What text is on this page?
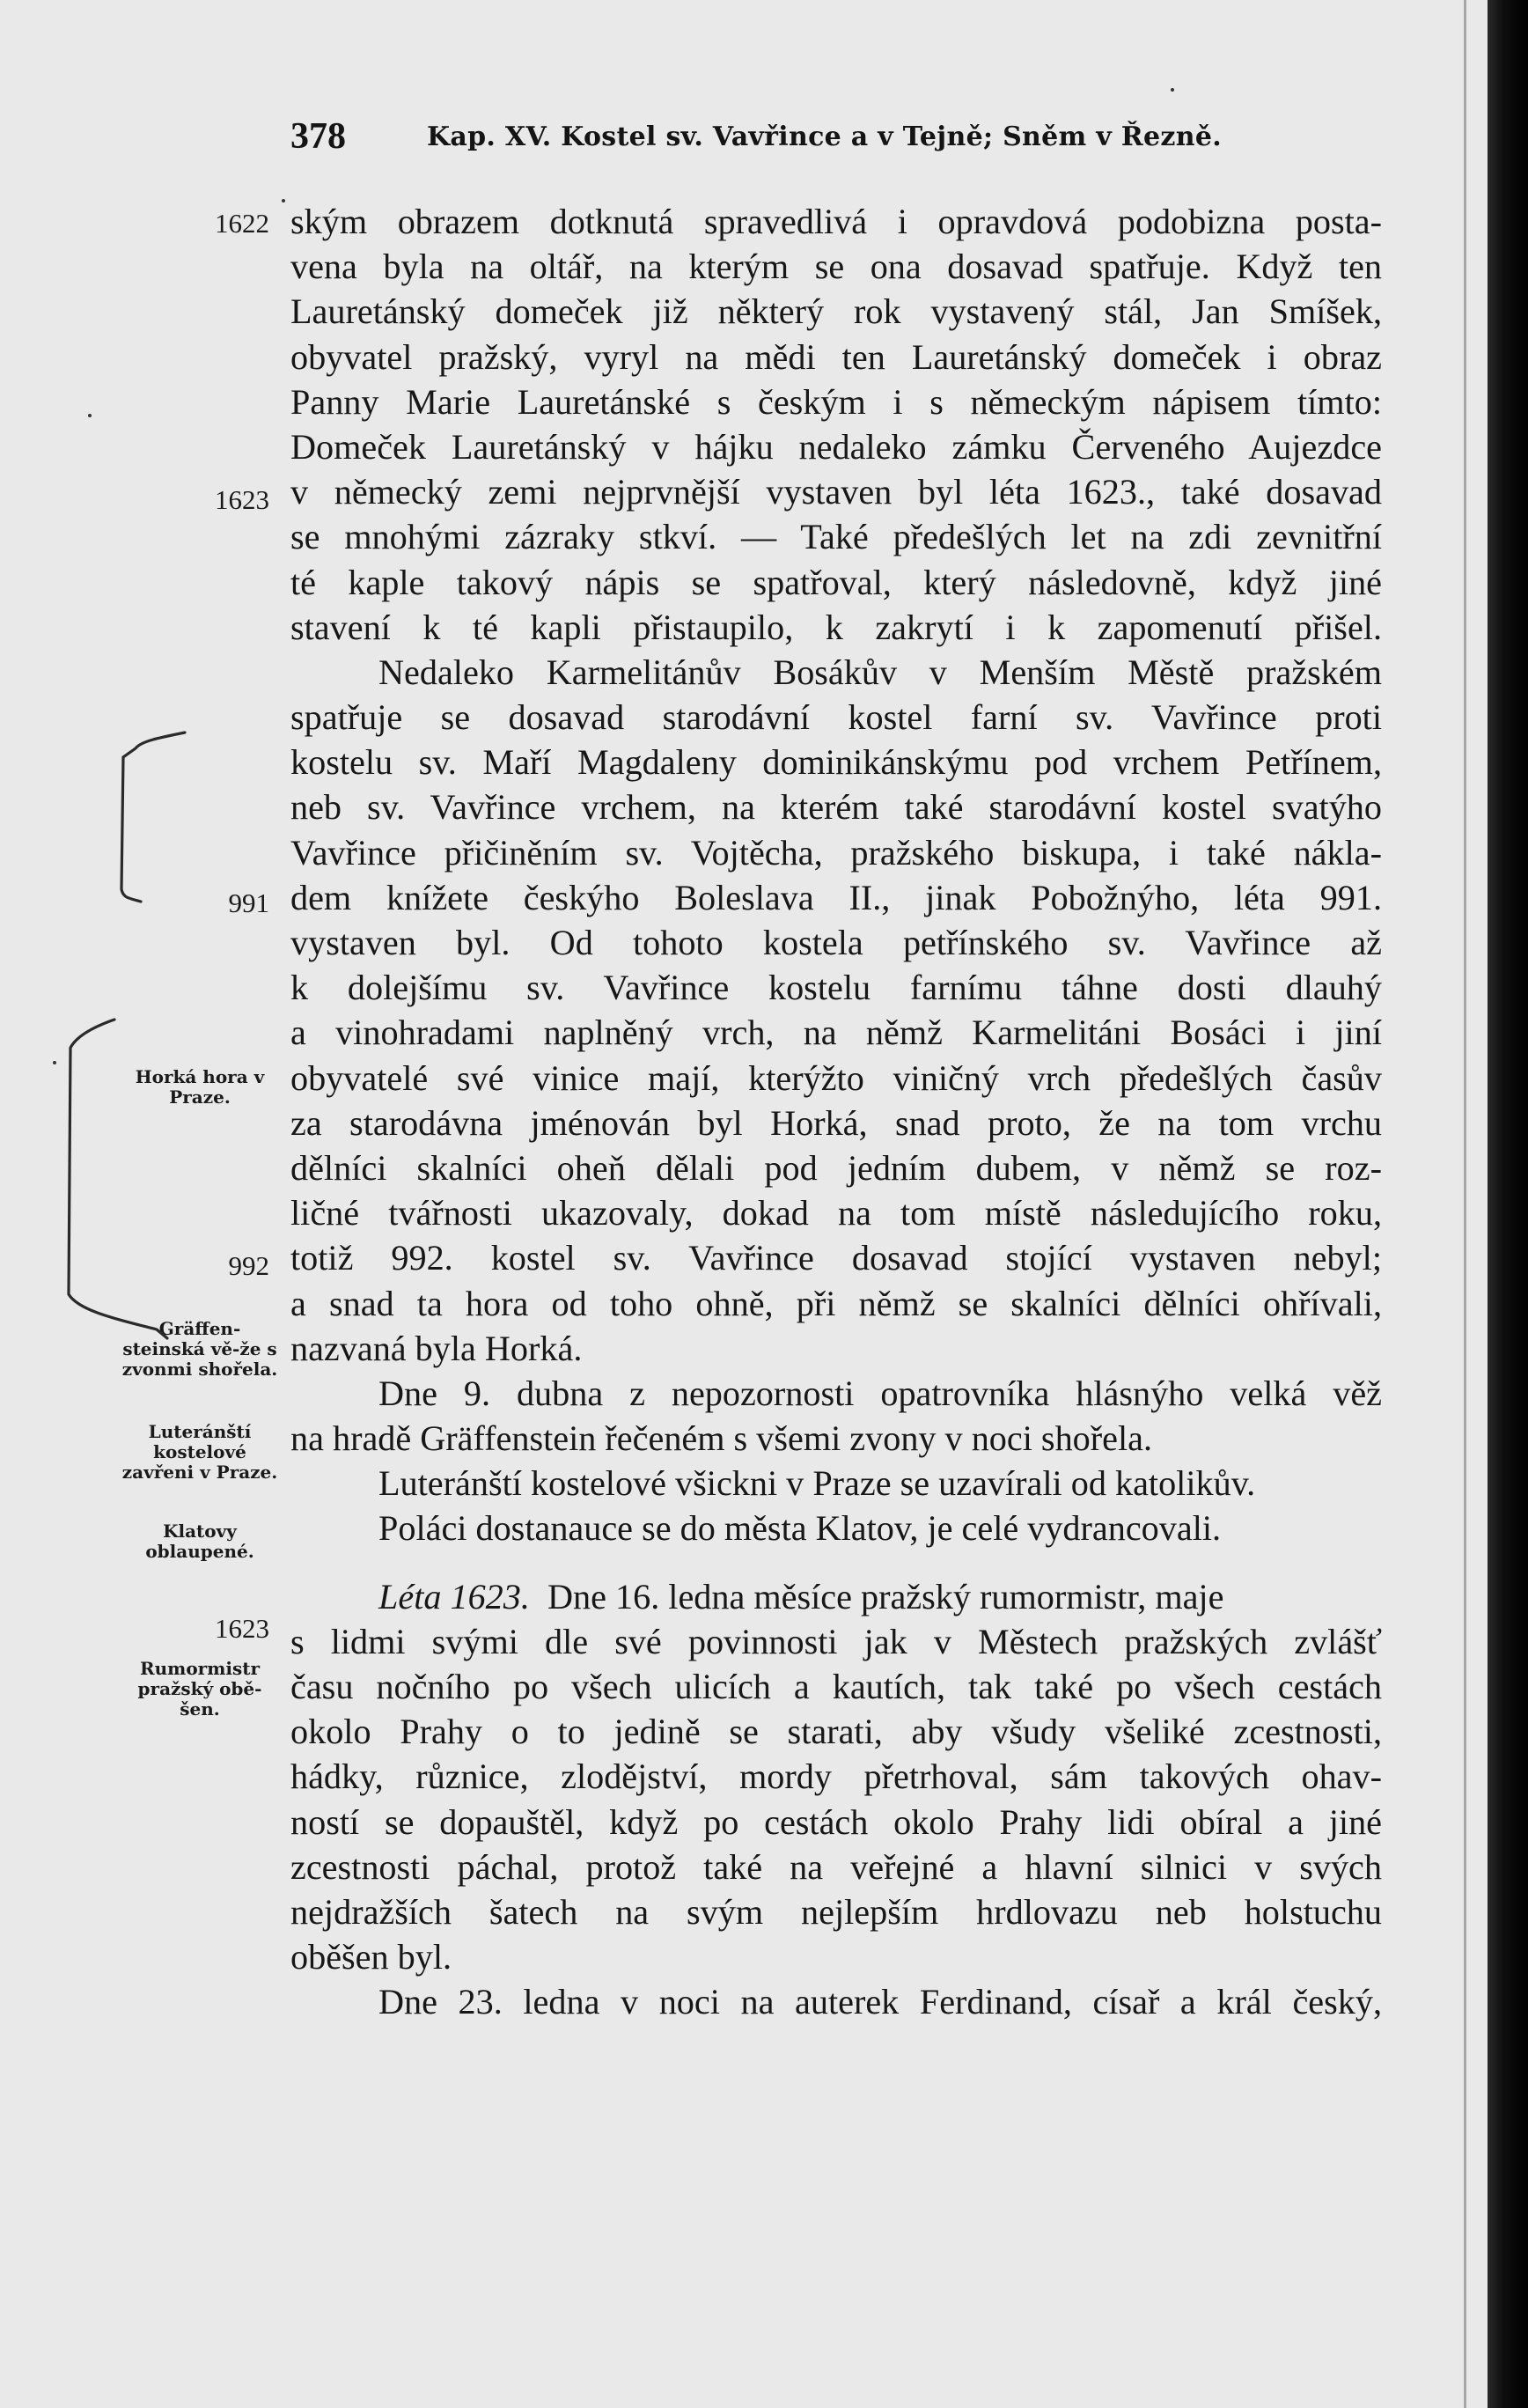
378	Kap. XV. Kostel sv. Vavřince a v Tejně; Sněm v Řezně.
1622
1623
991
992
1623
Horká hora v Praze.
Gräffen-steinská vě-že s zvonmi shořela.
Luteránští kostelové zavřeni v Praze.
Klatovy oblaupené.
Rumormistr pražský obě-šen.
ským obrazem dotknutá spravedlivá i opravdová podobizna posta-
vena byla na oltář, na kterým se ona dosavad spatřuje. Když ten
Lauretánský domeček již některý rok vystavený stál, Jan Smíšek,
obyvatel pražský, vyryl na mědi ten Lauretánský domeček i obraz
Panny Marie Lauretánské s českým i s německým nápisem tímto:
Domeček Lauretánský v hájku nedaleko zámku Červeného Aujezdce
v německý zemi nejprvnější vystaven byl léta 1623., také dosavad
se mnohými zázraky stkví. — Také předešlých let na zdi zevnitřní
té kaple takový nápis se spatřoval, který následovně, když jiné
stavení k té kapli přistaupilo, k zakrytí i k zapomenutí přišel.
Nedaleko Karmelitánův Bosákův v Menším Městě pražském
spatřuje se dosavad starodávní kostel farní sv. Vavřince proti
kostelu sv. Maří Magdaleny dominikánskýmu pod vrchem Petřínem,
neb sv. Vavřince vrchem, na kterém také starodávní kostel svatýho
Vavřince přičiněním sv. Vojtěcha, pražského biskupa, i také nákla-
dem knížete českýho Boleslava II., jinak Pobožnýho, léta 991.
vystaven byl. Od tohoto kostela petřínského sv. Vavřince až
k dolejšímu sv. Vavřince kostelu farnímu táhne dosti dlauhý
a vinohradami naplněný vrch, na němž Karmelitáni Bosáci i jiní
obyvatelé své vinice mají, kterýžto viničný vrch předešlých časův
za starodávna jménován byl Horká, snad proto, že na tom vrchu
dělníci skalníci oheň dělali pod jedním dubem, v němž se roz-
ličné tvářnosti ukazovaly, dokad na tom místě následujícího roku,
totiž 992. kostel sv. Vavřince dosavad stojící vystaven nebyl;
a snad ta hora od toho ohně, při němž se skalníci dělníci ohřívali,
nazvaná byla Horká.
Dne 9. dubna z nepozornosti opatrovníka hlásnýho velká věž
na hradě Gräffenstein řečeném s všemi zvony v noci shořela.
Luteránští kostelové všickni v Praze se uzavírali od katolikův.
Poláci dostanauce se do města Klatov, je celé vydrancovali.
Léta 1623. Dne 16. ledna měsíce pražský rumormistr, maje
s lidmi svými dle své povinnosti jak v Městech pražských zvlášť
času nočního po všech ulicích a kautích, tak také po všech cestách
okolo Prahy o to jedině se starati, aby všudy všeliké zcestnosti,
hádky, různice, zlodějství, mordy přetrhoval, sám takových ohav-
ností se dopauštěl, když po cestách okolo Prahy lidi obíral a jiné
zcestnosti páchal, protož také na veřejné a hlavní silnici v svých
nejdražších šatech na svým nejlepším hrdlovazu neb holstuchu
oběšen byl.
Dne 23. ledna v noci na auterek Ferdinand, císař a král český,
